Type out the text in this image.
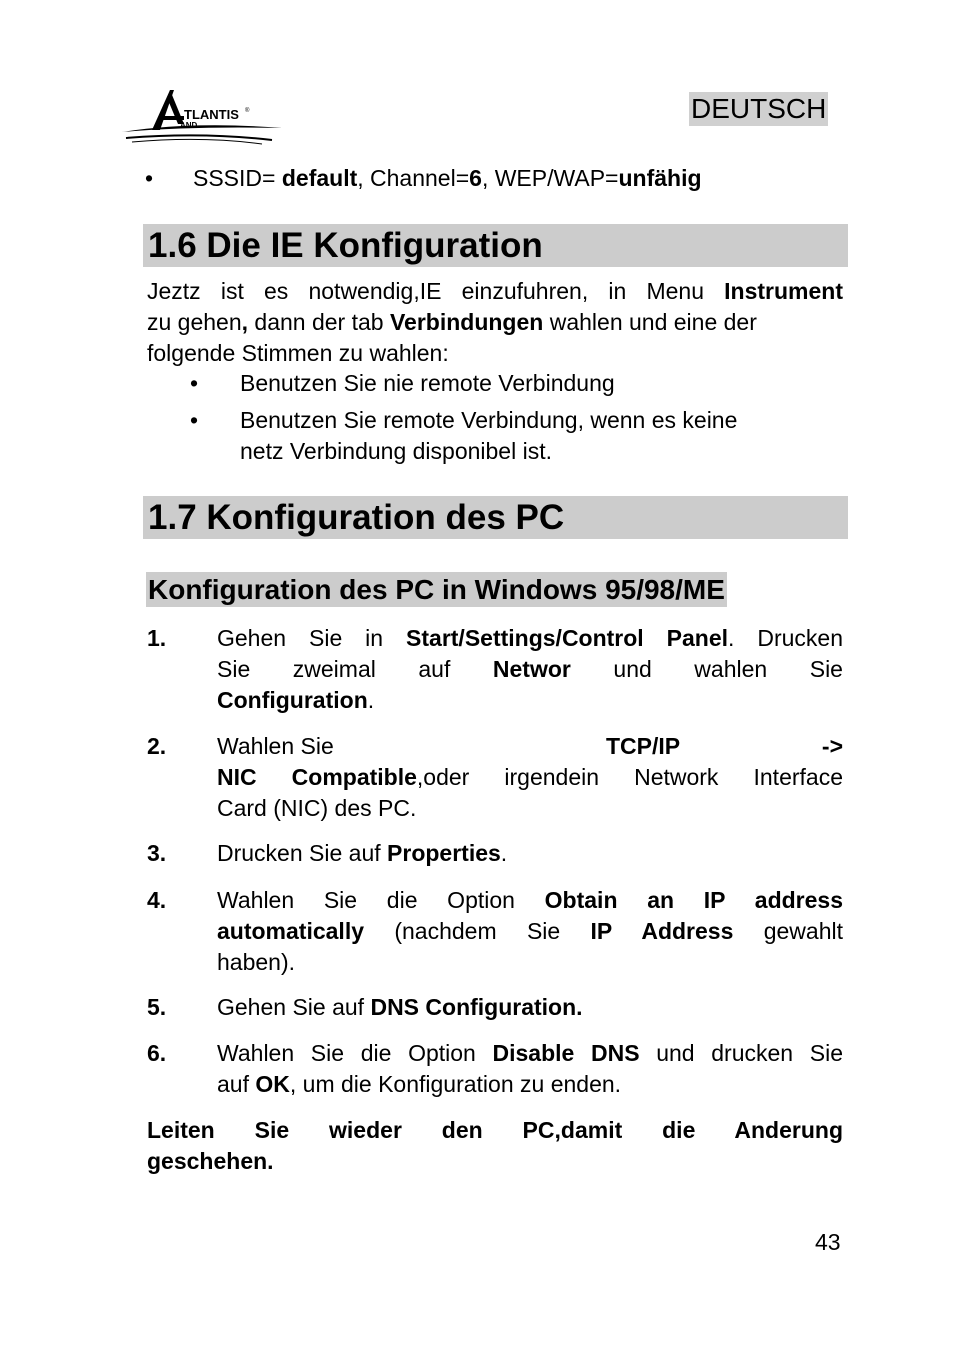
TLANTIS ®
AND
DEUTSCH
• SSSID= default, Channel=6, WEP/WAP=unfähig
1.6 Die IE Konfiguration
Jeztz ist es notwendig,IE einzufuhren, in Menu Instrument
zu gehen, dann der tab Verbindungen wahlen und eine der
folgende Stimmen zu wahlen:
• Benutzen Sie nie remote Verbindung
• Benutzen Sie remote Verbindung, wenn es keine
netz Verbindung disponibel ist.
1.7 Konfiguration des PC
Konfiguration des PC in Windows 95/98/ME
1. Gehen Sie in Start/Settings/Control Panel. Drucken
Sie zweimal auf Networ und wahlen Sie
Configuration.
2. Wahlen Sie	TCP/IP ->
NIC Compatible,oder irgendein Network Interface
Card (NIC) des PC.
3. Drucken Sie auf Properties.
4. Wahlen Sie die Option Obtain an IP address
automatically (nachdem Sie IP Address gewahlt
haben).
5. Gehen Sie auf DNS Configuration.
6. Wahlen Sie die Option Disable DNS und drucken Sie
auf OK, um die Konfiguration zu enden.
Leiten Sie wieder den PC,damit die Anderung
geschehen.
43
